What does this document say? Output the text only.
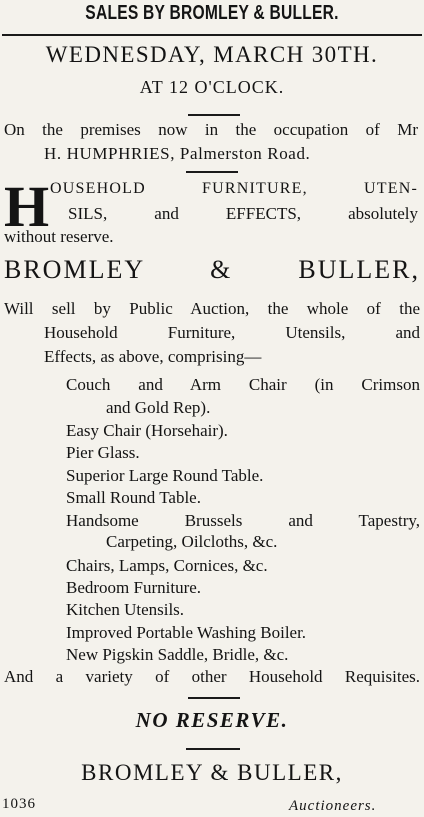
SALES BY BROMLEY & BULLER.
WEDNESDAY, MARCH 30TH.
AT 12 O'CLOCK.
On the premises now in the occupation of Mr
H. HUMPHRIES, Palmerston Road.
H OUSEHOLD FURNITURE, UTEN-
SILS, and EFFECTS, absolutely
without reserve.
BROMLEY & BULLER,
Will sell by Public Auction, the whole of the
Household Furniture, Utensils, and
Effects, as above, comprising—
Couch and Arm Chair (in Crimson
and Gold Rep).
Easy Chair (Horsehair).
Pier Glass.
Superior Large Round Table.
Small Round Table.
Handsome Brussels and Tapestry,
Carpeting, Oilcloths, &c.
Chairs, Lamps, Cornices, &c.
Bedroom Furniture.
Kitchen Utensils.
Improved Portable Washing Boiler.
New Pigskin Saddle, Bridle, &c.
And a variety of other Household Requisites.
NO RESERVE.
BROMLEY & BULLER,
1036	Auctioneers.
